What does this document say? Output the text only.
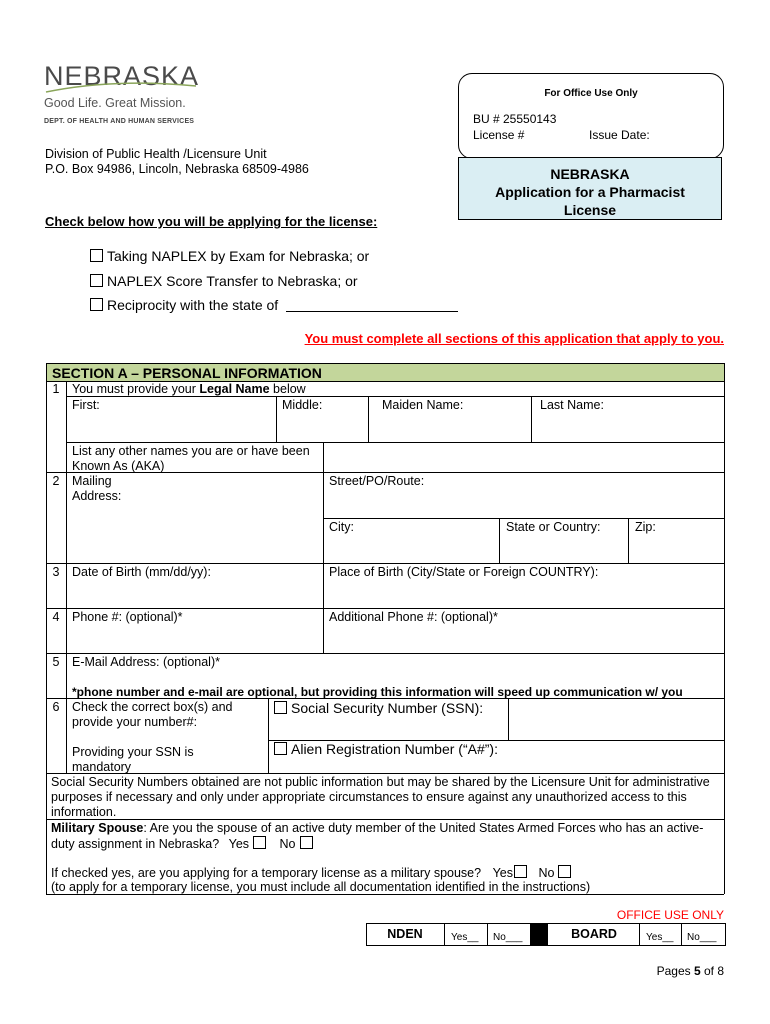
NEBRASKA
Good Life. Great Mission.
DEPT. OF HEALTH AND HUMAN SERVICES
Division of Public Health /Licensure Unit
P.O. Box 94986, Lincoln, Nebraska 68509-4986
For Office Use Only
BU # 25550143
License #	Issue Date:
NEBRASKA
Application for a Pharmacist
License
Check below how you will be applying for the license:
Taking NAPLEX by Exam for Nebraska; or
NAPLEX Score Transfer to Nebraska; or
Reciprocity with the state of
You must complete all sections of this application that apply to you.
SECTION A – PERSONAL INFORMATION
1	You must provide your Legal Name below
First:	Middle:	Maiden Name:	Last Name:
List any other names you are or have been
Known As (AKA)
2	Mailing
Address:
Street/PO/Route:
City:	State or Country:	Zip:
3	Date of Birth (mm/dd/yy):	Place of Birth (City/State or Foreign COUNTRY):
4	Phone #: (optional)*	Additional Phone #: (optional)*
5	E-Mail Address: (optional)*
*phone number and e-mail are optional, but providing this information will speed up communication w/ you
6	Check the correct box(s) and
provide your number#:
Providing your SSN is
mandatory
Social Security Number (SSN):
Alien Registration Number (“A#”):
Social Security Numbers obtained are not public information but may be shared by the Licensure Unit for administrative purposes if necessary and only under appropriate circumstances to ensure against any unauthorized access to this information.
Military Spouse: Are you the spouse of an active duty member of the United States Armed Forces who has an active-duty assignment in Nebraska? Yes No
If checked yes, are you applying for a temporary license as a military spouse? Yes No
(to apply for a temporary license, you must include all documentation identified in the instructions)
OFFICE USE ONLY
NDEN	Yes__	No___	BOARD	Yes__	No___
Pages 5 of 8
